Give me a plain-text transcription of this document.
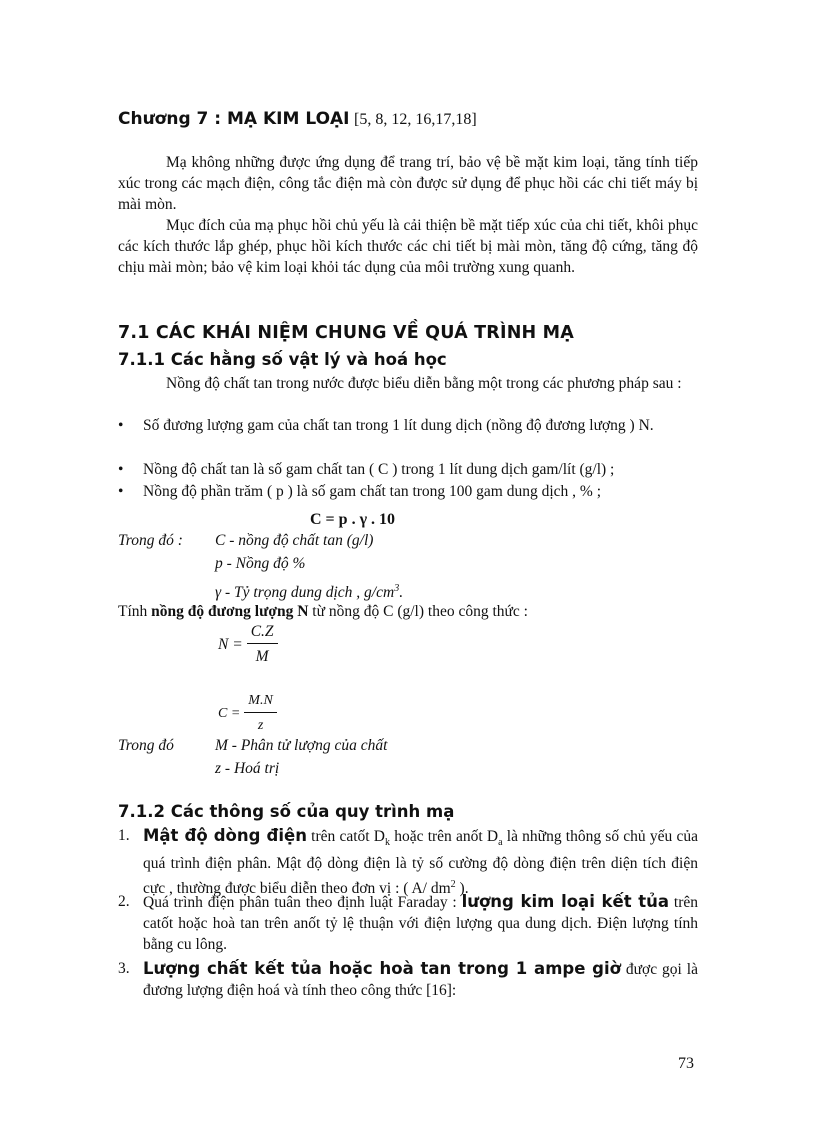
Chương 7 : MẠ KIM LOẠI [5, 8, 12, 16,17,18]
Mạ không những được ứng dụng để trang trí, bảo vệ bề mặt kim loại, tăng tính tiếp xúc trong các mạch điện, công tắc điện mà còn được sử dụng để phục hồi các chi tiết máy bị mài mòn.
Mục đích của mạ phục hồi chủ yếu là cải thiện bề mặt tiếp xúc của chi tiết, khôi phục các kích thước lắp ghép, phục hồi kích thước các chi tiết bị mài mòn, tăng độ cứng, tăng độ chịu mài mòn; bảo vệ kim loại khỏi tác dụng của môi trường xung quanh.
7.1 CÁC KHÁI NIỆM CHUNG VỀ QUÁ TRÌNH MẠ
7.1.1 Các hằng số vật lý và hoá học
Nồng độ chất tan trong nước được biểu diễn bằng một trong các phương pháp sau :
•	Số đương lượng gam của chất tan trong 1 lít dung dịch (nồng độ đương lượng ) N.
•	Nồng độ chất tan là số gam chất tan ( C ) trong 1 lít dung dịch gam/lít (g/l) ;
•	Nồng độ phần trăm ( p ) là số gam chất tan trong 100 gam dung dịch , % ;
C = p . γ . 10
Trong đó : C - nồng độ chất tan (g/l)
p - Nồng độ %
γ - Tỷ trọng dung dịch , $g/cm^3$.
Tính nồng độ đương lượng N từ nồng độ C (g/l) theo công thức :
$N = \frac{C.Z}{M}$
$C = \frac{M.N}{z}$
Trong đó	M - Phân tử lượng của chất
z - Hoá trị
7.1.2 Các thông số của quy trình mạ
1. Mật độ dòng điện trên catốt $D_k$ hoặc trên anốt $D_a$ là những thông số chủ yếu của quá trình điện phân. Mật độ dòng điện là tỷ số cường độ dòng điện trên diện tích điện cực , thường được biểu diễn theo đơn vị : ( A/ $dm^2$ ).
2. Quá trình điện phân tuân theo định luật Faraday : lượng kim loại kết tủa trên catốt hoặc hoà tan trên anốt tỷ lệ thuận với điện lượng qua dung dịch. Điện lượng tính bằng cu lông.
3. Lượng chất kết tủa hoặc hoà tan trong 1 ampe giờ được gọi là đương lượng điện hoá và tính theo công thức [16]:
73
